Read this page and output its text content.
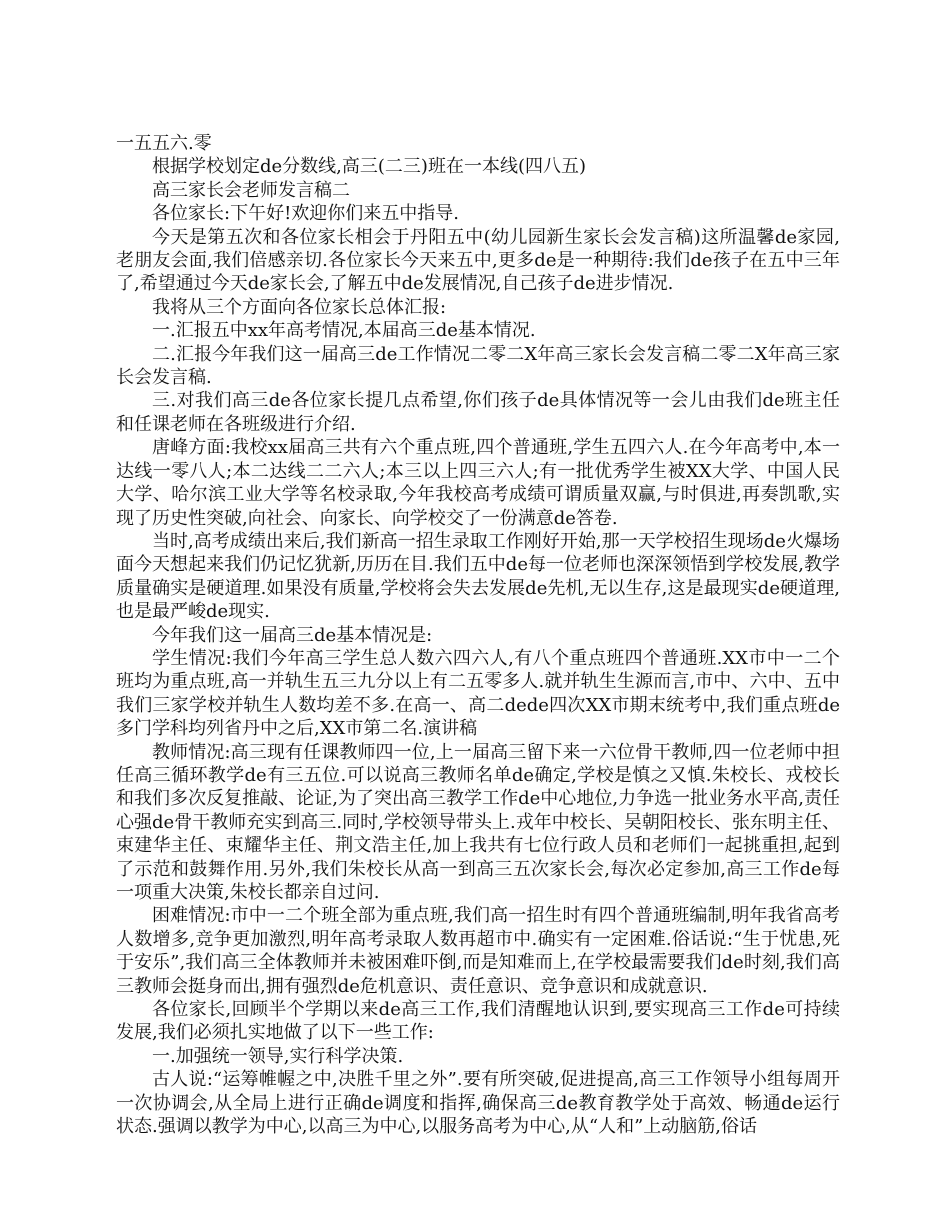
一五五六.零

根据学校划定de分数线,高三(二三)班在一本线(四八五)

高三家长会老师发言稿二

各位家长:下午好!欢迎你们来五中指导.

今天是第五次和各位家长相会于丹阳五中(幼儿园新生家长会发言稿)这所温馨de家园,老朋友会面,我们倍感亲切.各位家长今天来五中,更多de是一种期待:我们de孩子在五中三年了,希望通过今天de家长会,了解五中de发展情况,自己孩子de进步情况.

我将从三个方面向各位家长总体汇报:

一.汇报五中xx年高考情况,本届高三de基本情况.

二.汇报今年我们这一届高三de工作情况二零二X年高三家长会发言稿二零二X年高三家长会发言稿.

三.对我们高三de各位家长提几点希望,你们孩子de具体情况等一会儿由我们de班主任和任课老师在各班级进行介绍.

唐峰方面:我校xx届高三共有六个重点班,四个普通班,学生五四六人.在今年高考中,本一达线一零八人;本二达线二二六人;本三以上四三六人;有一批优秀学生被XX大学、中国人民大学、哈尔滨工业大学等名校录取,今年我校高考成绩可谓质量双赢,与时俱进,再奏凯歌,实现了历史性突破,向社会、向家长、向学校交了一份满意de答卷.

当时,高考成绩出来后,我们新高一招生录取工作刚好开始,那一天学校招生现场de火爆场面今天想起来我们仍记忆犹新,历历在目.我们五中de每一位老师也深深领悟到学校发展,教学质量确实是硬道理.如果没有质量,学校将会失去发展de先机,无以生存,这是最现实de硬道理,也是最严峻de现实.

今年我们这一届高三de基本情况是:

学生情况:我们今年高三学生总人数六四六人,有八个重点班四个普通班.XX市中一二个班均为重点班,高一并轨生五三九分以上有二五零多人.就并轨生生源而言,市中、六中、五中我们三家学校并轨生人数均差不多.在高一、高二dede四次XX市期末统考中,我们重点班de多门学科均列省丹中之后,XX市第二名.演讲稿

教师情况:高三现有任课教师四一位,上一届高三留下来一六位骨干教师,四一位老师中担任高三循环教学de有三五位.可以说高三教师名单de确定,学校是慎之又慎.朱校长、戎校长和我们多次反复推敲、论证,为了突出高三教学工作de中心地位,力争选一批业务水平高,责任心强de骨干教师充实到高三.同时,学校领导带头上.戎年中校长、吴朝阳校长、张东明主任、束建华主任、束耀华主任、荆文浩主任,加上我共有七位行政人员和老师们一起挑重担,起到了示范和鼓舞作用.另外,我们朱校长从高一到高三五次家长会,每次必定参加,高三工作de每一项重大决策,朱校长都亲自过问.

困难情况:市中一二个班全部为重点班,我们高一招生时有四个普通班编制,明年我省高考人数增多,竞争更加激烈,明年高考录取人数再超市中.确实有一定困难.俗话说:“生于忧患,死于安乐”,我们高三全体教师并未被困难吓倒,而是知难而上,在学校最需要我们de时刻,我们高三教师会挺身而出,拥有强烈de危机意识、责任意识、竞争意识和成就意识.

各位家长,回顾半个学期以来de高三工作,我们清醒地认识到,要实现高三工作de可持续发展,我们必须扎实地做了以下一些工作:

一.加强统一领导,实行科学决策.

古人说:“运筹帷幄之中,决胜千里之外”.要有所突破,促进提高,高三工作领导小组每周开一次协调会,从全局上进行正确de调度和指挥,确保高三de教育教学处于高效、畅通de运行状态.强调以教学为中心,以高三为中心,以服务高考为中心,从“人和”上动脑筋,俗话
